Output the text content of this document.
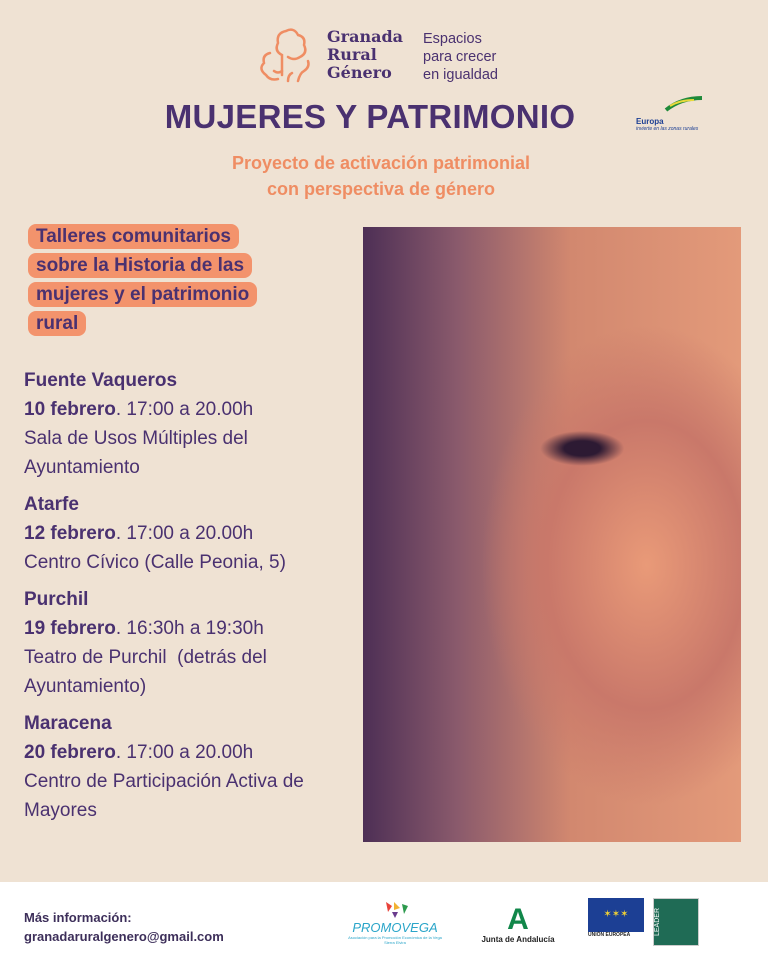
Granada
Rural
Género
Espacios
para crecer
en igualdad
MUJERES Y PATRIMONIO	Europa
invierte en las zonas rurales
Proyecto de activación patrimonial
con perspectiva de género
Talleres comunitarios sobre la Historia de las mujeres y el patrimonio rural
Fuente Vaqueros
10 febrero. 17:00 a 20.00h
Sala de Usos Múltiples del Ayuntamiento
Atarfe
12 febrero. 17:00 a 20.00h
Centro Cívico (Calle Peonia, 5)
Purchil
19 febrero. 16:30h a 19:30h
Teatro de Purchil  (detrás del Ayuntamiento)
Maracena
20 febrero. 17:00 a 20.00h
Centro de Participación Activa de Mayores
Más información:
granadaruralgenero@gmail.com
PROMOVEGA
Asociación para la Promoción Económica de la Vega Sierra Elvira
A
Junta de Andalucía
✶✶✶
UNIÓN EUROPEA	LEADER
